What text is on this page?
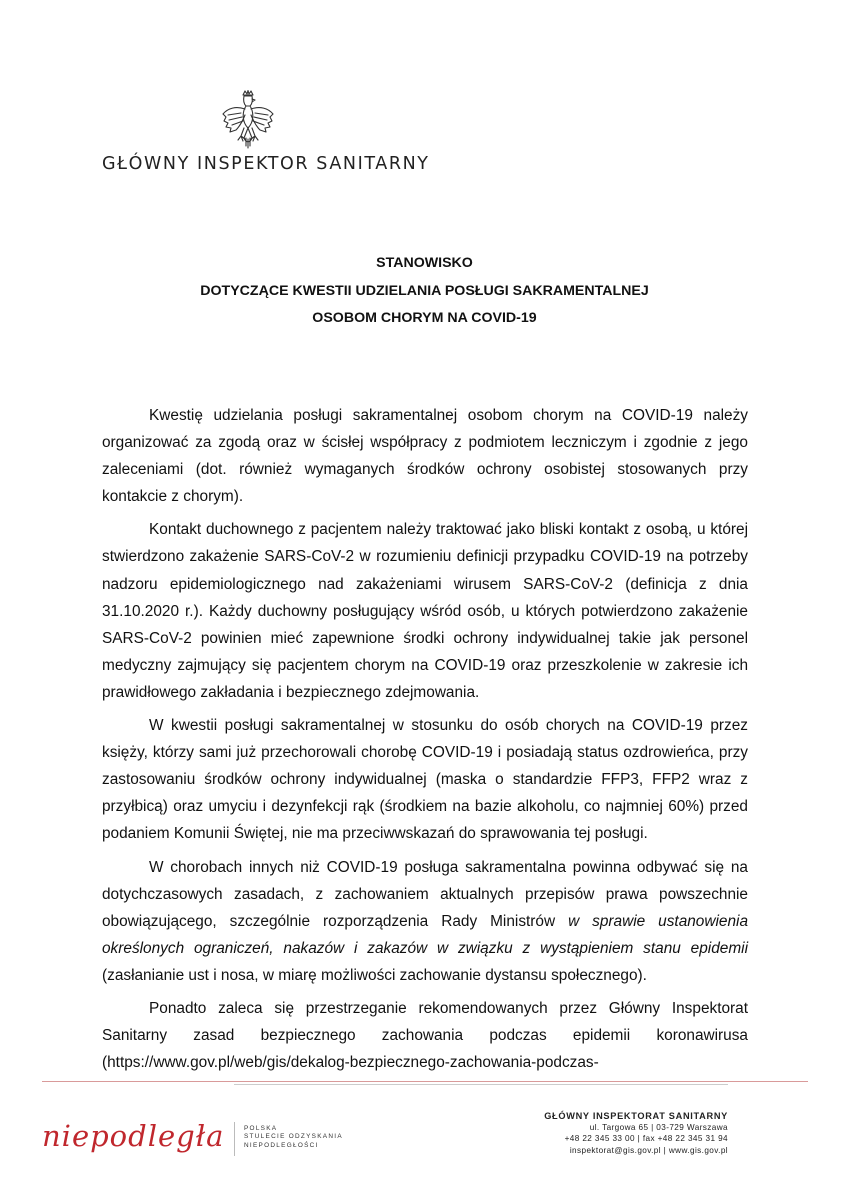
GŁÓWNY INSPEKTOR SANITARNY
STANOWISKO
DOTYCZĄCE KWESTII UDZIELANIA POSŁUGI SAKRAMENTALNEJ
OSOBOM CHORYM NA COVID-19

Kwestię udzielania posługi sakramentalnej osobom chorym na COVID-19 należy organizować za zgodą oraz w ścisłej współpracy z podmiotem leczniczym i zgodnie z jego zaleceniami (dot. również wymaganych środków ochrony osobistej stosowanych przy kontakcie z chorym).

Kontakt duchownego z pacjentem należy traktować jako bliski kontakt z osobą, u której stwierdzono zakażenie SARS-CoV-2 w rozumieniu definicji przypadku COVID-19 na potrzeby nadzoru epidemiologicznego nad zakażeniami wirusem SARS-CoV-2 (definicja z dnia 31.10.2020 r.). Każdy duchowny posługujący wśród osób, u których potwierdzono zakażenie SARS-CoV-2 powinien mieć zapewnione środki ochrony indywidualnej takie jak personel medyczny zajmujący się pacjentem chorym na COVID-19 oraz przeszkolenie w zakresie ich prawidłowego zakładania i bezpiecznego zdejmowania.

W kwestii posługi sakramentalnej w stosunku do osób chorych na COVID-19 przez księży, którzy sami już przechorowali chorobę COVID-19 i posiadają status ozdrowieńca, przy zastosowaniu środków ochrony indywidualnej (maska o standardzie FFP3, FFP2 wraz z przyłbicą) oraz umyciu i dezynfekcji rąk (środkiem na bazie alkoholu, co najmniej 60%) przed podaniem Komunii Świętej, nie ma przeciwwskazań do sprawowania tej posługi.

W chorobach innych niż COVID-19 posługa sakramentalna powinna odbywać się na dotychczasowych zasadach, z zachowaniem aktualnych przepisów prawa powszechnie obowiązującego, szczególnie rozporządzenia Rady Ministrów w sprawie ustanowienia określonych ograniczeń, nakazów i zakazów w związku z wystąpieniem stanu epidemii (zasłanianie ust i nosa, w miarę możliwości zachowanie dystansu społecznego).

Ponadto zaleca się przestrzeganie rekomendowanych przez Główny Inspektorat Sanitarny zasad bezpiecznego zachowania podczas epidemii koronawirusa
(https://www.gov.pl/web/gis/dekalog-bezpiecznego-zachowania-podczas-

niepodległa	POLSKA
STULECIE ODZYSKANIA
NIEPODLEGŁOŚCI
GŁÓWNY INSPEKTORAT SANITARNY
ul. Targowa 65 | 03-729 Warszawa
+48 22 345 33 00 | fax +48 22 345 31 94
inspektorat@gis.gov.pl | www.gis.gov.pl
